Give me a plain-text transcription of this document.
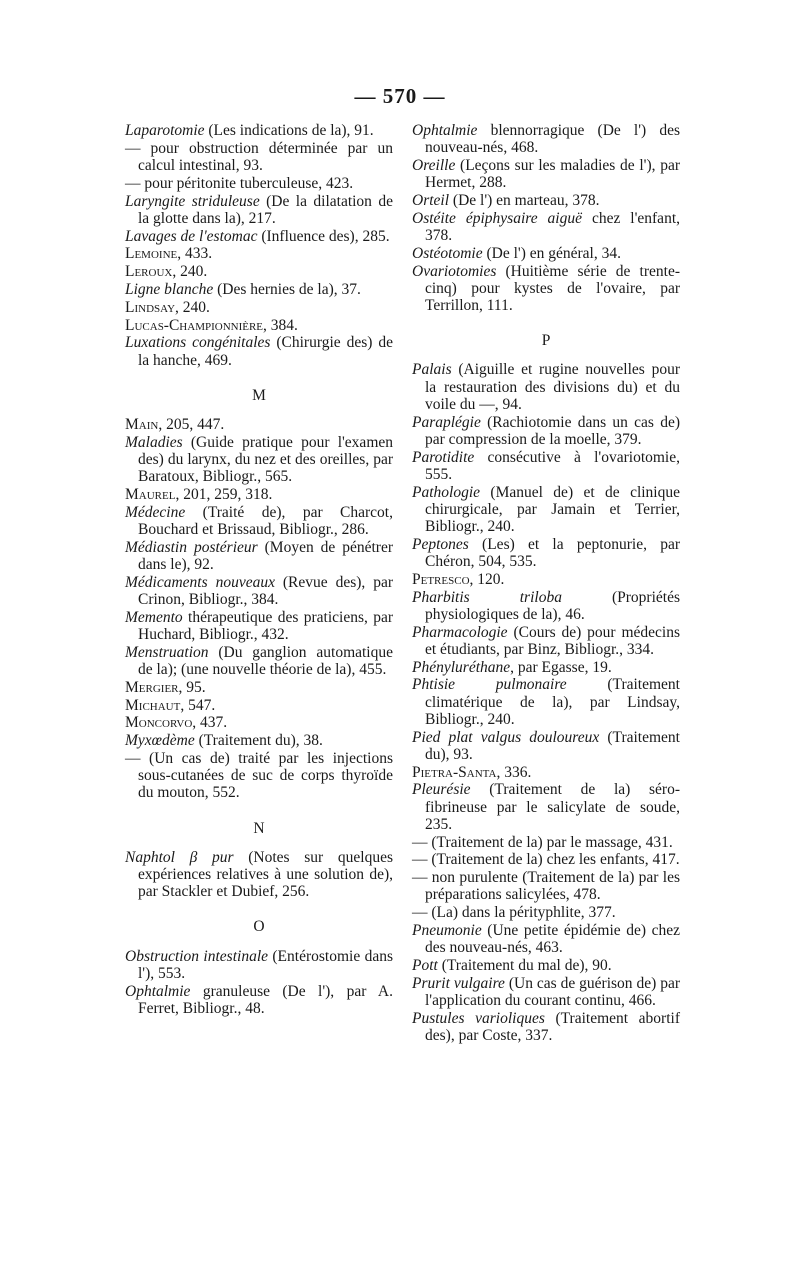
— 570 —
Laparotomie (Les indications de la), 91.
— pour obstruction déterminée par un calcul intestinal, 93.
— pour péritonite tuberculeuse, 423.
Laryngite striduleuse (De la dilatation de la glotte dans la), 217.
Lavages de l'estomac (Influence des), 285.
Lemoine, 433.
Leroux, 240.
Ligne blanche (Des hernies de la), 37.
Lindsay, 240.
Lucas-Championnière, 384.
Luxations congénitales (Chirurgie des) de la hanche, 469.
M
Main, 205, 447.
Maladies (Guide pratique pour l'examen des) du larynx, du nez et des oreilles, par Baratoux, Bibliogr., 565.
Maurel, 201, 259, 318.
Médecine (Traité de), par Charcot, Bouchard et Brissaud, Bibliogr., 286.
Médiastin postérieur (Moyen de pénétrer dans le), 92.
Médicaments nouveaux (Revue des), par Crinon, Bibliogr., 384.
Memento thérapeutique des praticiens, par Huchard, Bibliogr., 432.
Menstruation (Du ganglion automatique de la); (une nouvelle théorie de la), 455.
Mergier, 95.
Michaut, 547.
Moncorvo, 437.
Myxœdème (Traitement du), 38.
— (Un cas de) traité par les injections sous-cutanées de suc de corps thyroïde du mouton, 552.
N
Naphtol β pur (Notes sur quelques expériences relatives à une solution de), par Stackler et Dubief, 256.
O
Obstruction intestinale (Entérostomie dans l'), 553.
Ophtalmie granuleuse (De l'), par A. Ferret, Bibliogr., 48.
Ophtalmie blennorragique (De l') des nouveau-nés, 468.
Oreille (Leçons sur les maladies de l'), par Hermet, 288.
Orteil (De l') en marteau, 378.
Ostéite épiphysaire aiguë chez l'enfant, 378.
Ostéotomie (De l') en général, 34.
Ovariotomies (Huitième série de trente-cinq) pour kystes de l'ovaire, par Terrillon, 111.
P
Palais (Aiguille et rugine nouvelles pour la restauration des divisions du) et du voile du —, 94.
Paraplégie (Rachiotomie dans un cas de) par compression de la moelle, 379.
Parotidite consécutive à l'ovariotomie, 555.
Pathologie (Manuel de) et de clinique chirurgicale, par Jamain et Terrier, Bibliogr., 240.
Peptones (Les) et la peptonurie, par Chéron, 504, 535.
Petresco, 120.
Pharbitis triloba (Propriétés physiologiques de la), 46.
Pharmacologie (Cours de) pour médecins et étudiants, par Binz, Bibliogr., 334.
Phényluréthane, par Egasse, 19.
Phtisie pulmonaire (Traitement climatérique de la), par Lindsay, Bibliogr., 240.
Pied plat valgus douloureux (Traitement du), 93.
Pietra-Santa, 336.
Pleurésie (Traitement de la) séro-fibrineuse par le salicylate de soude, 235.
— (Traitement de la) par le massage, 431.
— (Traitement de la) chez les enfants, 417.
— non purulente (Traitement de la) par les préparations salicylées, 478.
— (La) dans la pérityphlite, 377.
Pneumonie (Une petite épidémie de) chez des nouveau-nés, 463.
Pott (Traitement du mal de), 90.
Prurit vulgaire (Un cas de guérison de) par l'application du courant continu, 466.
Pustules varioliques (Traitement abortif des), par Coste, 337.
